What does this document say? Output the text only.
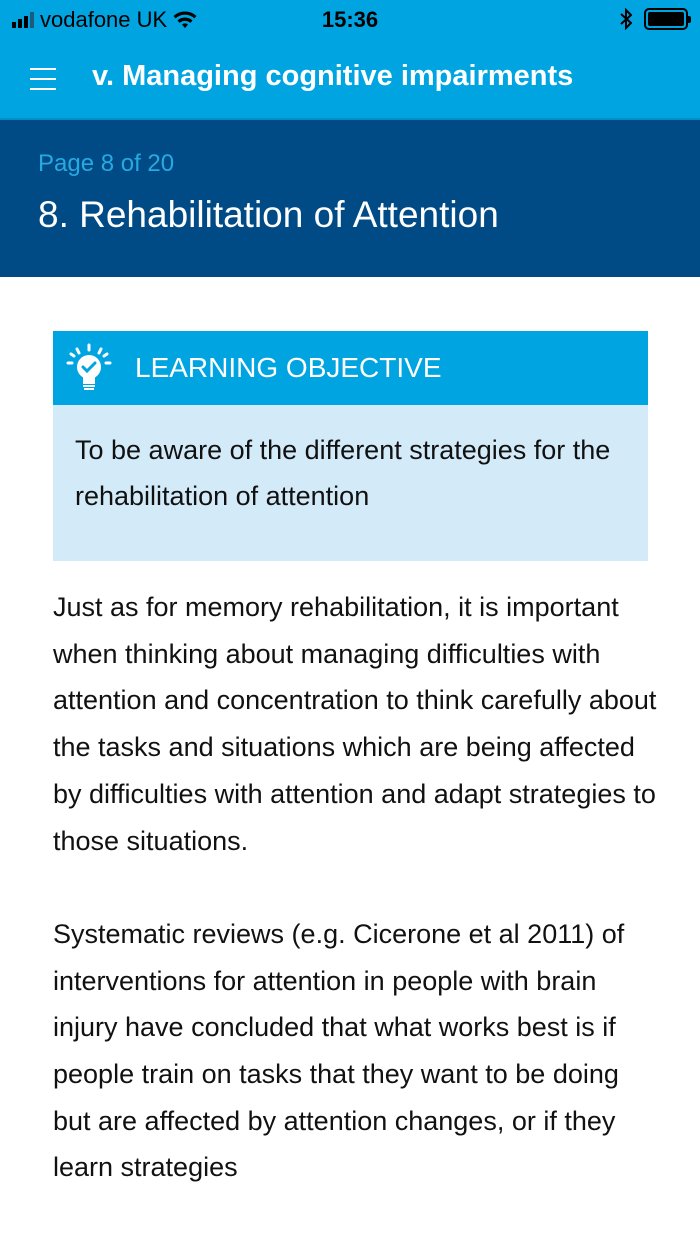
vodafone UK	15:36
v. Managing cognitive impairments
Page 8 of 20
8. Rehabilitation of Attention
LEARNING OBJECTIVE
To be aware of the different strategies for the rehabilitation of attention

Just as for memory rehabilitation, it is important when thinking about managing difficulties with attention and concentration to think carefully about the tasks and situations which are being affected by difficulties with attention and adapt strategies to those situations.

Systematic reviews (e.g. Cicerone et al 2011) of interventions for attention in people with brain injury have concluded that what works best is if people train on tasks that they want to be doing but are affected by attention changes, or if they learn strategies
